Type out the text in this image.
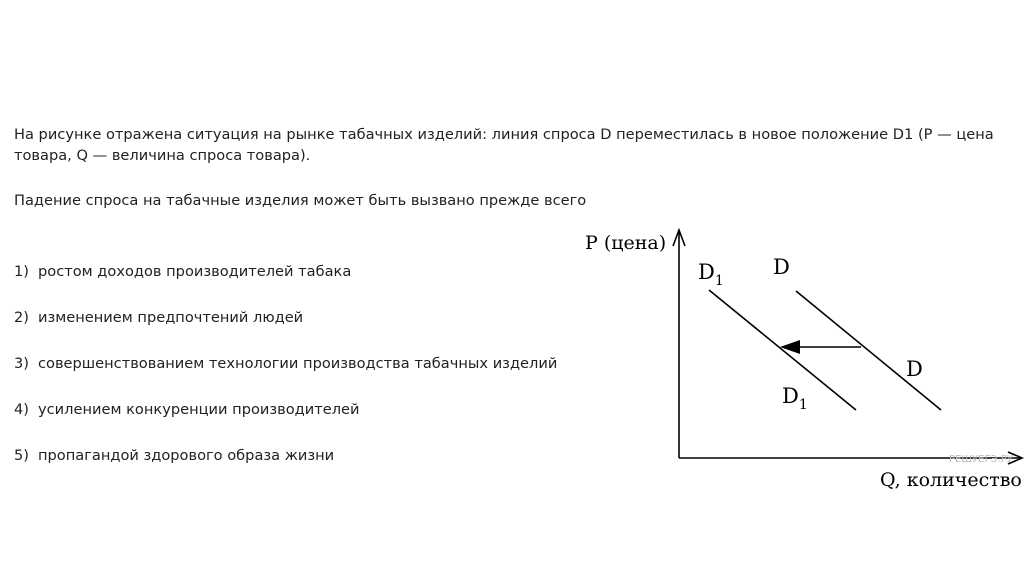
На рисунке отражена ситуация на рынке табачных изделий: линия спроса D переместилась в новое положение D1 (Р — цена

товара, Q — величина спроса товара).

Падение спроса на табачные изделия может быть вызвано прежде всего

1) ростом доходов производителей табака
2) изменением предпочтений людей
3) совершенствованием технологии производства табачных изделий
4) усилением конкуренции производителей
5) пропагандой здорового образа жизни
Р (цена)
Q, количество
$D_1$
D
D
$D_1$
РЕШУЕГЭ.РУ
